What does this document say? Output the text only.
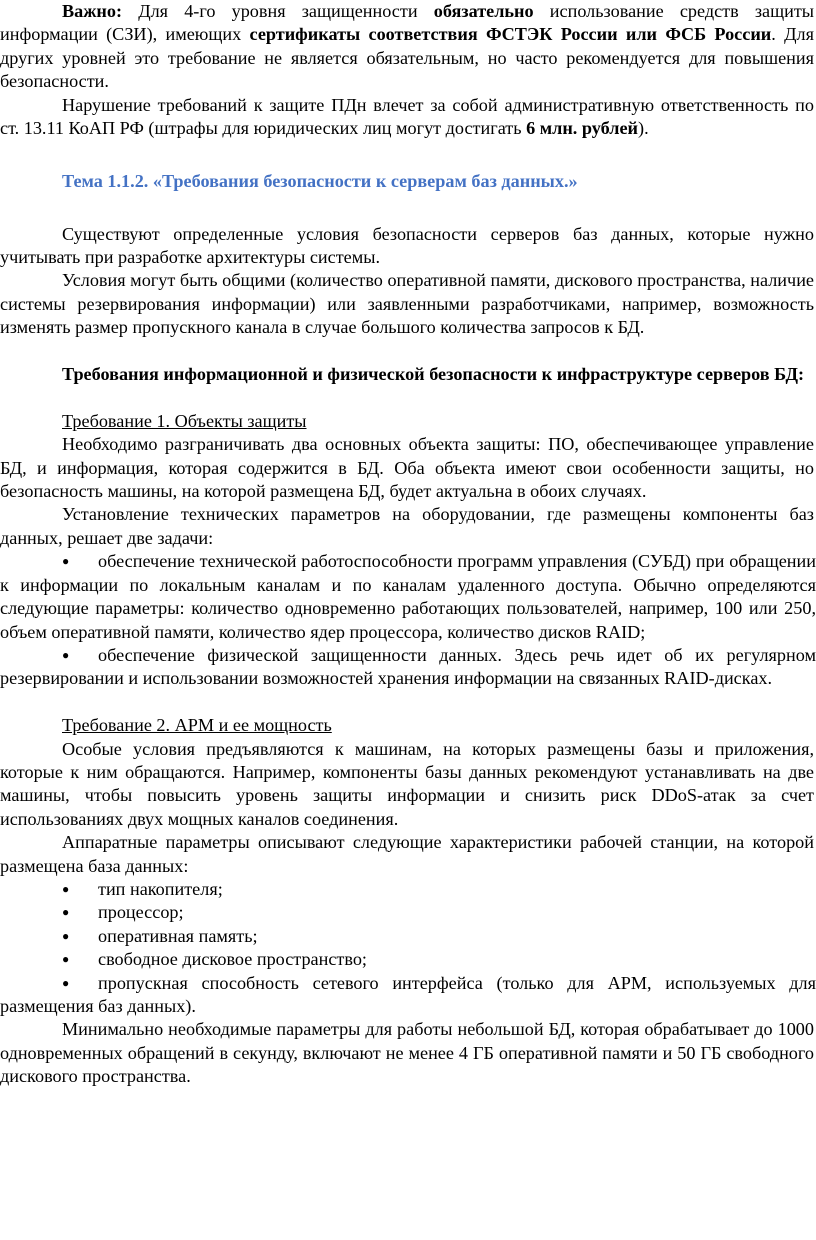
Важно: Для 4-го уровня защищенности обязательно использование средств защиты информации (СЗИ), имеющих сертификаты соответствия ФСТЭК России или ФСБ России. Для других уровней это требование не является обязательным, но часто рекомендуется для повышения безопасности.

Нарушение требований к защите ПДн влечет за собой административную ответственность по ст. 13.11 КоАП РФ (штрафы для юридических лиц могут достигать 6 млн. рублей).

Тема 1.1.2. «Требования безопасности к серверам баз данных.»

Существуют определенные условия безопасности серверов баз данных, которые нужно учитывать при разработке архитектуры системы.

Условия могут быть общими (количество оперативной памяти, дискового пространства, наличие системы резервирования информации) или заявленными разработчиками, например, возможность изменять размер пропускного канала в случае большого количества запросов к БД.

Требования информационной и физической безопасности к инфраструктуре серверов БД:

Требование 1. Объекты защиты

Необходимо разграничивать два основных объекта защиты: ПО, обеспечивающее управление БД, и информация, которая содержится в БД. Оба объекта имеют свои особенности защиты, но безопасность машины, на которой размещена БД, будет актуальна в обоих случаях.

Установление технических параметров на оборудовании, где размещены компоненты баз данных, решает две задачи:

● обеспечение технической работоспособности программ управления (СУБД) при обращении к информации по локальным каналам и по каналам удаленного доступа. Обычно определяются следующие параметры: количество одновременно работающих пользователей, например, 100 или 250, объем оперативной памяти, количество ядер процессора, количество дисков RAID;

● обеспечение физической защищенности данных. Здесь речь идет об их регулярном резервировании и использовании возможностей хранения информации на связанных RAID-дисках.

Требование 2. АРМ и ее мощность

Особые условия предъявляются к машинам, на которых размещены базы и приложения, которые к ним обращаются. Например, компоненты базы данных рекомендуют устанавливать на две машины, чтобы повысить уровень защиты информации и снизить риск DDoS-атак за счет использованиях двух мощных каналов соединения.

Аппаратные параметры описывают следующие характеристики рабочей станции, на которой размещена база данных:

● тип накопителя;

● процессор;

● оперативная память;

● свободное дисковое пространство;

● пропускная способность сетевого интерфейса (только для АРМ, используемых для размещения баз данных).

Минимально необходимые параметры для работы небольшой БД, которая обрабатывает до 1000 одновременных обращений в секунду, включают не менее 4 ГБ оперативной памяти и 50 ГБ свободного дискового пространства.
